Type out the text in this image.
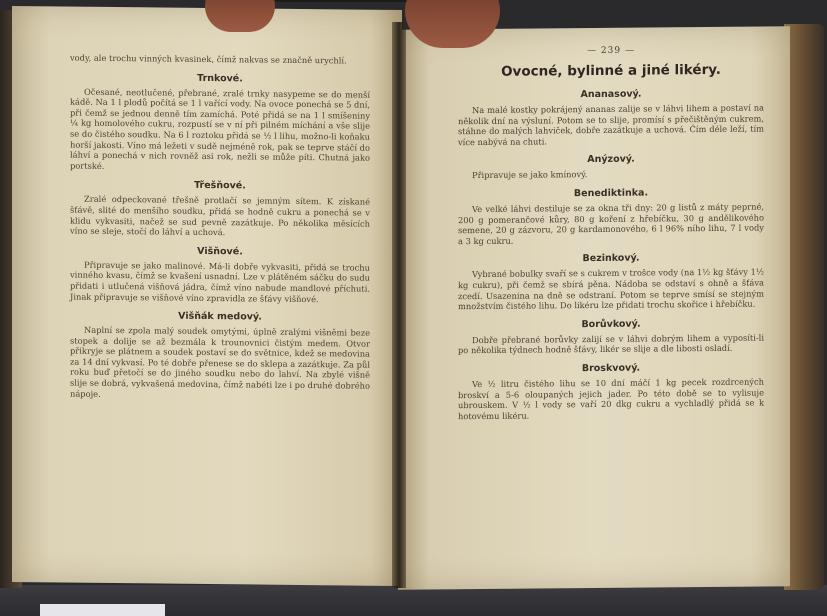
vody, ale trochu vinných kvasinek, čímž nakvas se značně urychlí.

Trnkové.

Očesané, neotlučené, přebrané, zralé trnky nasypeme se do menší kádě. Na 1 l plodů počítá se 1 l vařící vody. Na ovoce ponechá se 5 dní, při čemž se jednou denně tím zamíchá. Poté přidá se na 1 l smíšeniny ¼ kg homolového cukru, rozpustí se v ní při pilném míchání a vše slije se do čistého soudku. Na 6 l roztoku přidá se ½ l lihu, možno-li koňaku horší jakosti. Víno má ležeti v sudě nejméně rok, pak se teprve stáčí do láhví a ponechá v nich rovněž asi rok, nežli se může píti. Chutná jako portské.

Třešňové.

Zralé odpeckované třešně protlačí se jemným sítem. K získané šťávě, slité do menšího soudku, přidá se hodně cukru a ponechá se v klidu vykvasiti, načež se sud pevně zazátkuje. Po několika měsících víno se sleje, stočí do láhví a uchová.

Višňové.

Připravuje se jako malinové. Má-li dobře vykvasiti, přidá se trochu vinného kvasu, čímž se kvašení usnadní. Lze v plátěném sáčku do sudu přidati i utlučená višňová jádra, čímž víno nabude mandlové příchuti. Jinak připravuje se višňové víno zpravidla ze šťávy višňové.

Višňák medový.

Naplní se zpola malý soudek omytými, úplně zralými višněmi beze stopek a dolije se až bezmála k trounovnici čistým medem. Otvor přikryje se plátnem a soudek postaví se do světnice, kdež se medovina za 14 dní vykvasí. Po té dobře přenese se do sklepa a zazátkuje. Za půl roku buď přetočí se do jiného soudku nebo do lahví. Na zbylé višně slije se dobrá, vykvašená medovina, čímž nabéti lze i po druhé dobrého nápoje.

— 239 —
Ovocné, bylinné a jiné likéry.
Ananasový.

Na malé kostky pokrájený ananas zalije se v láhvi lihem a postaví na několik dní na výsluní. Potom se to slije, promísí s přečištěným cukrem, stáhne do malých lahviček, dobře zazátkuje a uchová. Čím déle leží, tím více nabývá na chuti.

Anýzový.

Připravuje se jako kmínový.

Benediktinka.

Ve velké láhvi destiluje se za okna tři dny: 20 g listů z máty peprné, 200 g pomerančové kůry, 80 g koření z hřebíčku, 30 g andělikového semene, 20 g zázvoru, 20 g kardamonového, 6 l 96% ního lihu, 7 l vody a 3 kg cukru.

Bezinkový.

Vybrané bobulky svaří se s cukrem v trošce vody (na 1½ kg šťávy 1½ kg cukru), při čemž se sbírá pěna. Nádoba se odstaví s ohně a šťáva zcedí. Usazenina na dně se odstraní. Potom se teprve smísí se stejným množstvím čistého lihu. Do likéru lze přidati trochu skořice i hřebíčku.

Borůvkový.

Dobře přebrané borůvky zalijí se v láhvi dobrým lihem a vyposíti-li po několika týdnech hodně šťávy, likér se slije a dle libosti osladí.

Broskvový.

Ve ½ litru čistého lihu se 10 dní máčí 1 kg pecek rozdrcených broskví a 5-6 oloupaných jejich jader. Po této době se to vylisuje ubrouskem. V ½ l vody se vaří 20 dkg cukru a vychladlý přidá se k hotovému likéru.
